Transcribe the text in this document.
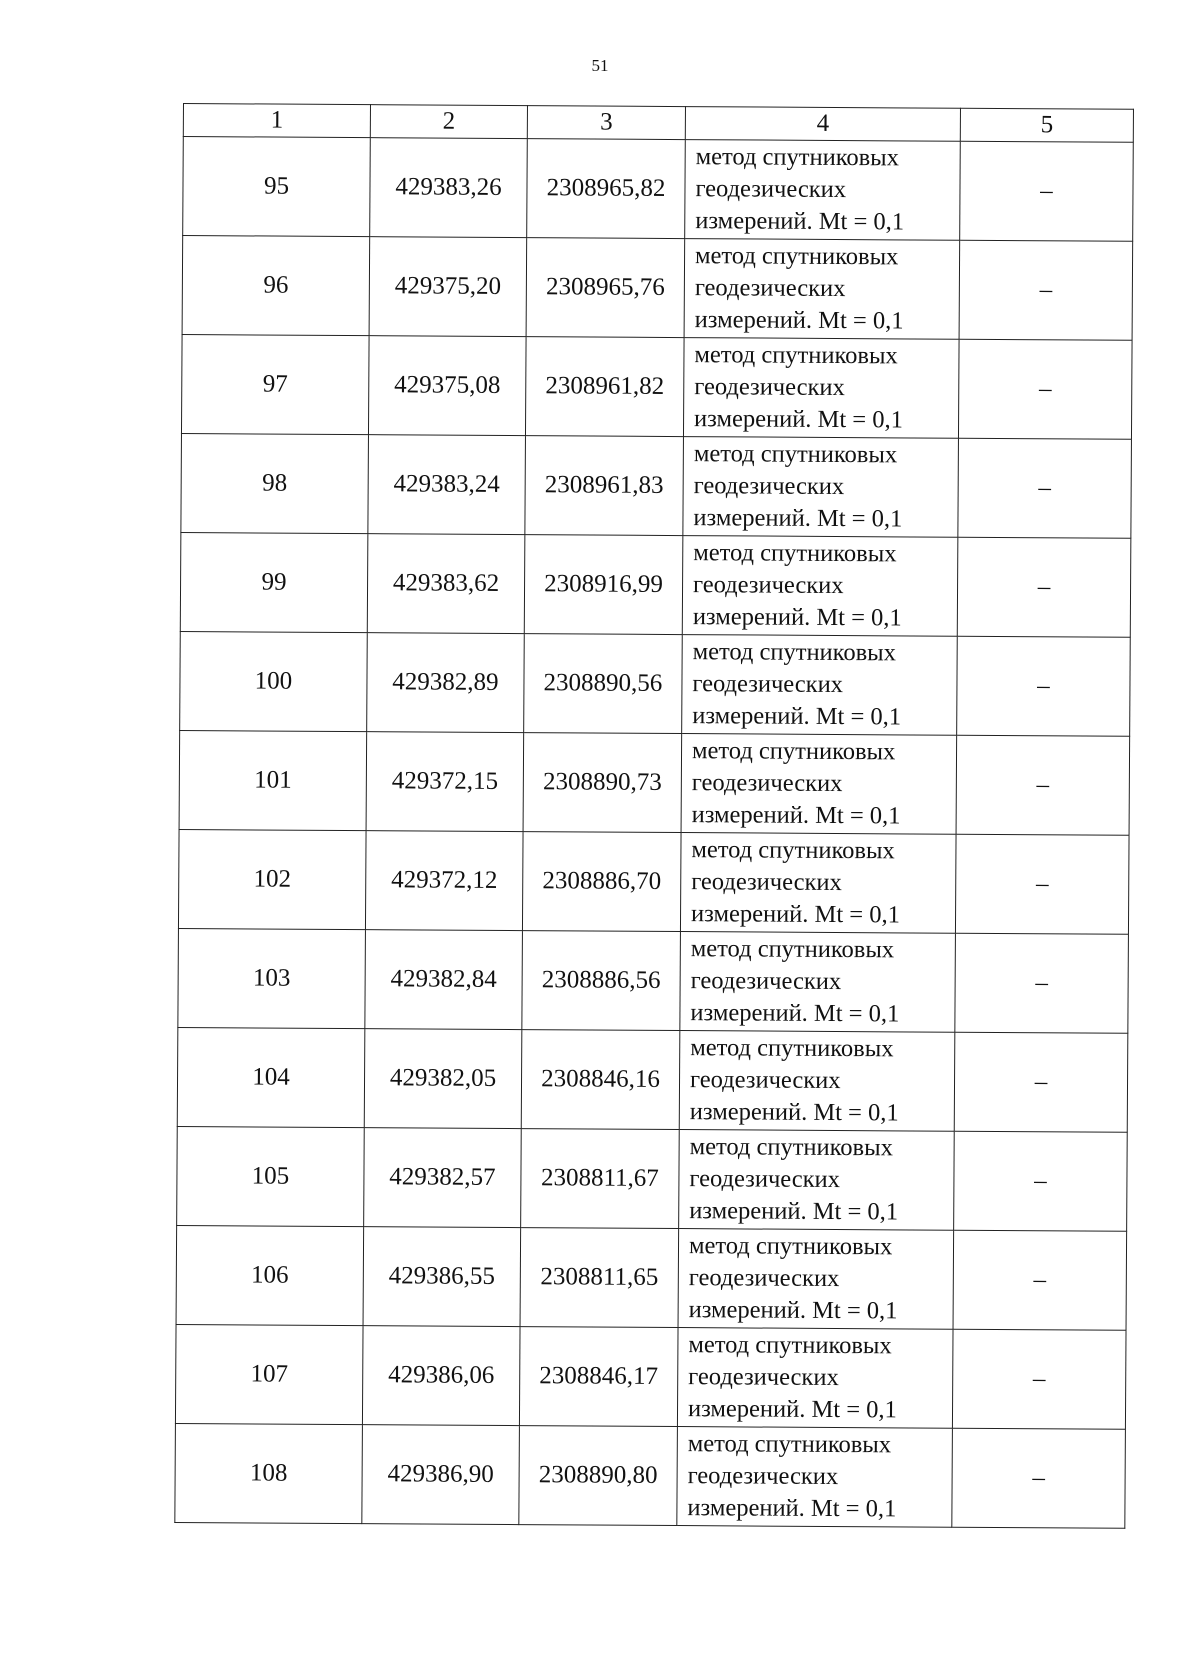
51
1	2	3	4	5
95	429383,26	2308965,82	метод спутниковых
геодезических
измерений. Mt = 0,1	–
96	429375,20	2308965,76	метод спутниковых
геодезических
измерений. Mt = 0,1	–
97	429375,08	2308961,82	метод спутниковых
геодезических
измерений. Mt = 0,1	–
98	429383,24	2308961,83	метод спутниковых
геодезических
измерений. Mt = 0,1	–
99	429383,62	2308916,99	метод спутниковых
геодезических
измерений. Mt = 0,1	–
100	429382,89	2308890,56	метод спутниковых
геодезических
измерений. Mt = 0,1	–
101	429372,15	2308890,73	метод спутниковых
геодезических
измерений. Mt = 0,1	–
102	429372,12	2308886,70	метод спутниковых
геодезических
измерений. Mt = 0,1	–
103	429382,84	2308886,56	метод спутниковых
геодезических
измерений. Mt = 0,1	–
104	429382,05	2308846,16	метод спутниковых
геодезических
измерений. Mt = 0,1	–
105	429382,57	2308811,67	метод спутниковых
геодезических
измерений. Mt = 0,1	–
106	429386,55	2308811,65	метод спутниковых
геодезических
измерений. Mt = 0,1	–
107	429386,06	2308846,17	метод спутниковых
геодезических
измерений. Mt = 0,1	–
108	429386,90	2308890,80	метод спутниковых
геодезических
измерений. Mt = 0,1	–
